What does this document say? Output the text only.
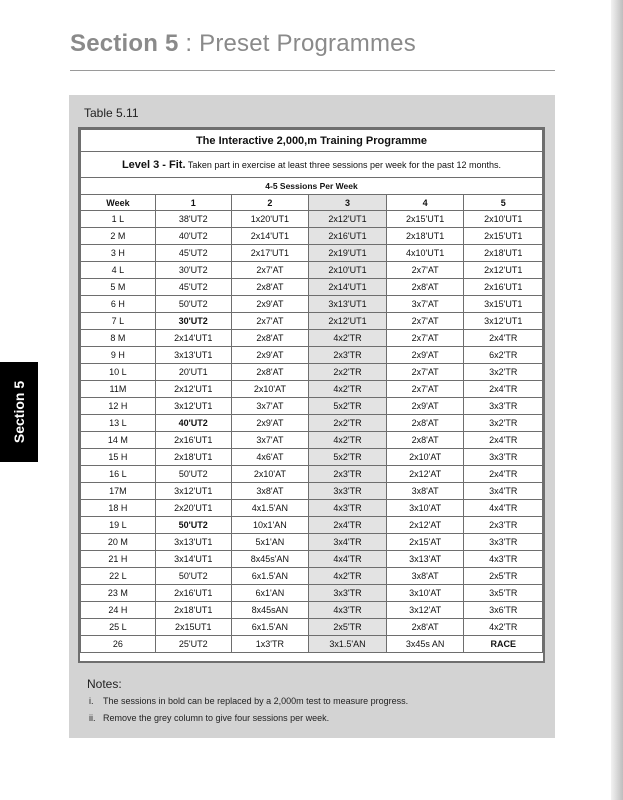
Section 5 : Preset Programmes
Section 5
Table 5.11
The Interactive 2,000,m Training Programme					
Level 3 - Fit. Taken part in exercise at least three sessions per week for the past 12 months.					
4-5 Sessions Per Week					
Week	1	2	3	4	5
1 L	38'UT2	1x20'UT1	2x12'UT1	2x15'UT1	2x10'UT1
2 M	40'UT2	2x14'UT1	2x16'UT1	2x18'UT1	2x15'UT1
3 H	45'UT2	2x17'UT1	2x19'UT1	4x10'UT1	2x18'UT1
4 L	30'UT2	2x7'AT	2x10'UT1	2x7'AT	2x12'UT1
5 M	45'UT2	2x8'AT	2x14'UT1	2x8'AT	2x16'UT1
6 H	50'UT2	2x9'AT	3x13'UT1	3x7'AT	3x15'UT1
7 L	30'UT2	2x7'AT	2x12'UT1	2x7'AT	3x12'UT1
8 M	2x14'UT1	2x8'AT	4x2'TR	2x7'AT	2x4'TR
9 H	3x13'UT1	2x9'AT	2x3'TR	2x9'AT	6x2'TR
10 L	20'UT1	2x8'AT	2x2'TR	2x7'AT	3x2'TR
11M	2x12'UT1	2x10'AT	4x2'TR	2x7'AT	2x4'TR
12 H	3x12'UT1	3x7'AT	5x2'TR	2x9'AT	3x3'TR
13 L	40'UT2	2x9'AT	2x2'TR	2x8'AT	3x2'TR
14 M	2x16'UT1	3x7'AT	4x2'TR	2x8'AT	2x4'TR
15 H	2x18'UT1	4x6'AT	5x2'TR	2x10'AT	3x3'TR
16 L	50'UT2	2x10'AT	2x3'TR	2x12'AT	2x4'TR
17M	3x12'UT1	3x8'AT	3x3'TR	3x8'AT	3x4'TR
18 H	2x20'UT1	4x1.5'AN	4x3'TR	3x10'AT	4x4'TR
19 L	50'UT2	10x1'AN	2x4'TR	2x12'AT	2x3'TR
20 M	3x13'UT1	5x1'AN	3x4'TR	2x15'AT	3x3'TR
21 H	3x14'UT1	8x45s'AN	4x4'TR	3x13'AT	4x3'TR
22 L	50'UT2	6x1.5'AN	4x2'TR	3x8'AT	2x5'TR
23 M	2x16'UT1	6x1'AN	3x3'TR	3x10'AT	3x5'TR
24 H	2x18'UT1	8x45sAN	4x3'TR	3x12'AT	3x6'TR
25 L	2x15UT1	6x1.5'AN	2x5'TR	2x8'AT	4x2'TR
26	25'UT2	1x3'TR	3x1.5'AN	3x45s AN	RACE
Notes:
i. The sessions in bold can be replaced by a 2,000m test to measure progress.
ii. Remove the grey column to give four sessions per week.
